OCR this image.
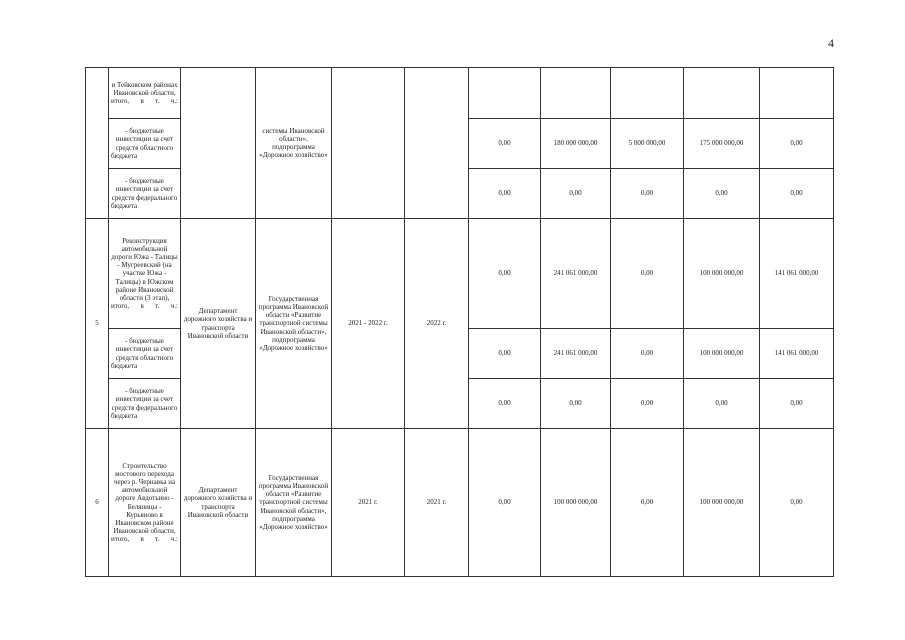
4
	и Тейковском районах Ивановской области, итого, в т. ч.:		системы Ивановской области», подпрограмма «Дорожное хозяйство»							
	- бюджетные инвестиции за счет средств областного бюджета					0,00	180 000 000,00	5 000 000,00	175 000 000,00	0,00
	- бюджетные инвестиции за счет средств федерального бюджета					0,00	0,00	0,00	0,00	0,00
5	Реконструкция автомобильной дороги Южа - Талицы - Мугреевский (на участке Южа - Талицы) в Южском районе Ивановской области (3 этап), итого, в т. ч.:	Департамент дорожного хозяйства и транспорта Ивановской области	Государственная программа Ивановской области «Развитие транспортной системы Ивановской области», подпрограмма «Дорожное хозяйство»	2021 - 2022 г.	2022 г.	0,00	241 061 000,00	0,00	100 000 000,00	141 061 000,00
	- бюджетные инвестиции за счет средств областного бюджета					0,00	241 061 000,00	0,00	100 000 000,00	141 061 000,00
	- бюджетные инвестиции за счет средств федерального бюджета					0,00	0,00	0,00	0,00	0,00
6	Строительство мостового перехода через р. Чернавка на автомобильной дороге Авдотьино - Беляницы - Курьяново в Ивановском районе Ивановской области, итого, в т. ч.:	Департамент дорожного хозяйства и транспорта Ивановской области	Государственная программа Ивановской области «Развитие транспортной системы Ивановской области», подпрограмма «Дорожное хозяйство»	2021 г.	2021 г.	0,00	100 000 000,00	0,00	100 000 000,00	0,00
